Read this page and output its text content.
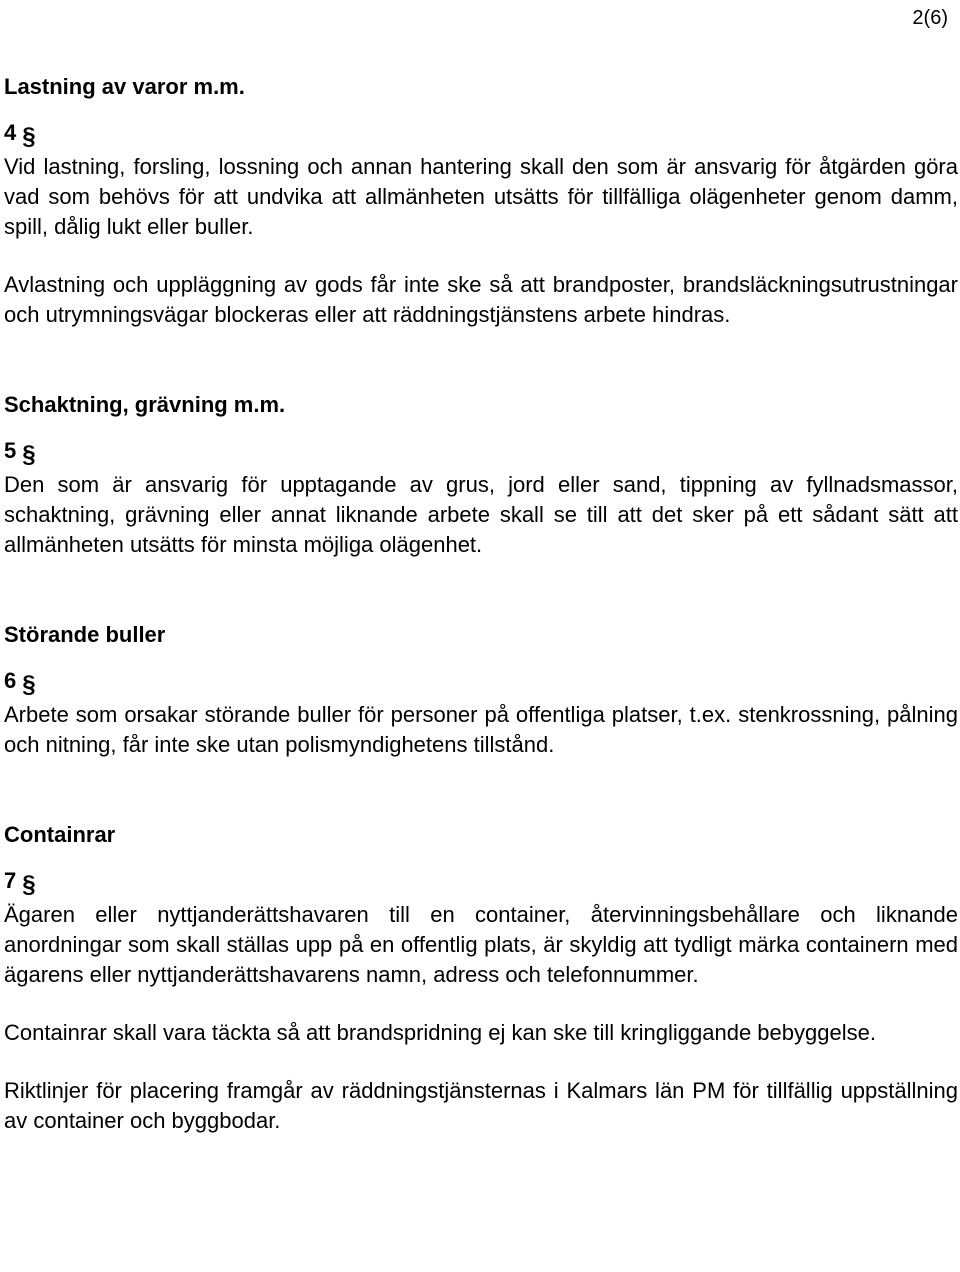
2(6)
Lastning av varor m.m.

4 §

Vid lastning, forsling, lossning och annan hantering skall den som är ansvarig för åtgärden göra vad som behövs för att undvika att allmänheten utsätts för tillfälliga olägenheter genom damm, spill, dålig lukt eller buller.

Avlastning och uppläggning av gods får inte ske så att brandposter, brandsläckningsutrustningar och utrymningsvägar blockeras eller att räddningstjänstens arbete hindras.

Schaktning, grävning m.m.

5 §

Den som är ansvarig för upptagande av grus, jord eller sand, tippning av fyllnadsmassor, schaktning, grävning eller annat liknande arbete skall se till att det sker på ett sådant sätt att allmänheten utsätts för minsta möjliga olägenhet.

Störande buller

6 §

Arbete som orsakar störande buller för personer på offentliga platser, t.ex. stenkrossning, pålning och nitning, får inte ske utan polismyndighetens tillstånd.

Containrar

7 §

Ägaren eller nyttjanderättshavaren till en container, återvinningsbehållare och liknande anordningar som skall ställas upp på en offentlig plats, är skyldig att tydligt märka containern med ägarens eller nyttjanderättshavarens namn, adress och telefonnummer.

Containrar skall vara täckta så att brandspridning ej kan ske till kringliggande bebyggelse.

Riktlinjer för placering framgår av räddningstjänsternas i Kalmars län PM för tillfällig uppställning av container och byggbodar.
